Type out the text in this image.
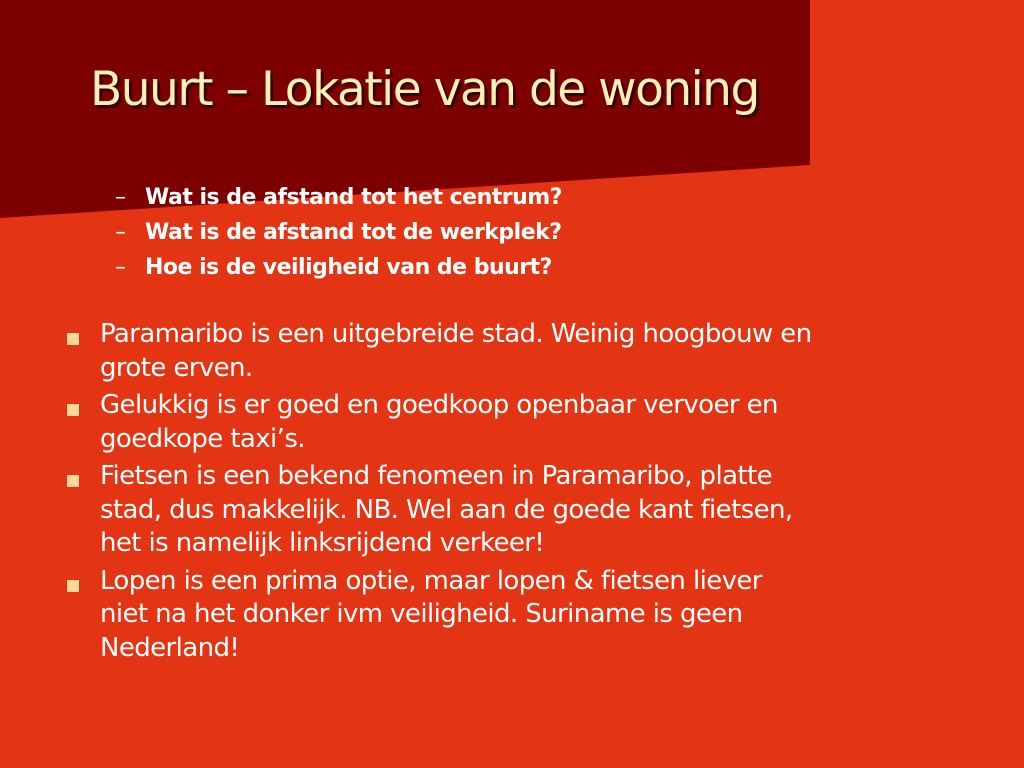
Buurt – Lokatie van de woning
– Wat is de afstand tot het centrum?
– Wat is de afstand tot de werkplek?
– Hoe is de veiligheid van de buurt?
Paramaribo is een uitgebreide stad. Weinig hoogbouw en
grote erven.
Gelukkig is er goed en goedkoop openbaar vervoer en
goedkope taxi’s.
Fietsen is een bekend fenomeen in Paramaribo, platte
stad, dus makkelijk. NB. Wel aan de goede kant fietsen,
het is namelijk linksrijdend verkeer!
Lopen is een prima optie, maar lopen & fietsen liever
niet na het donker ivm veiligheid. Suriname is geen
Nederland!
